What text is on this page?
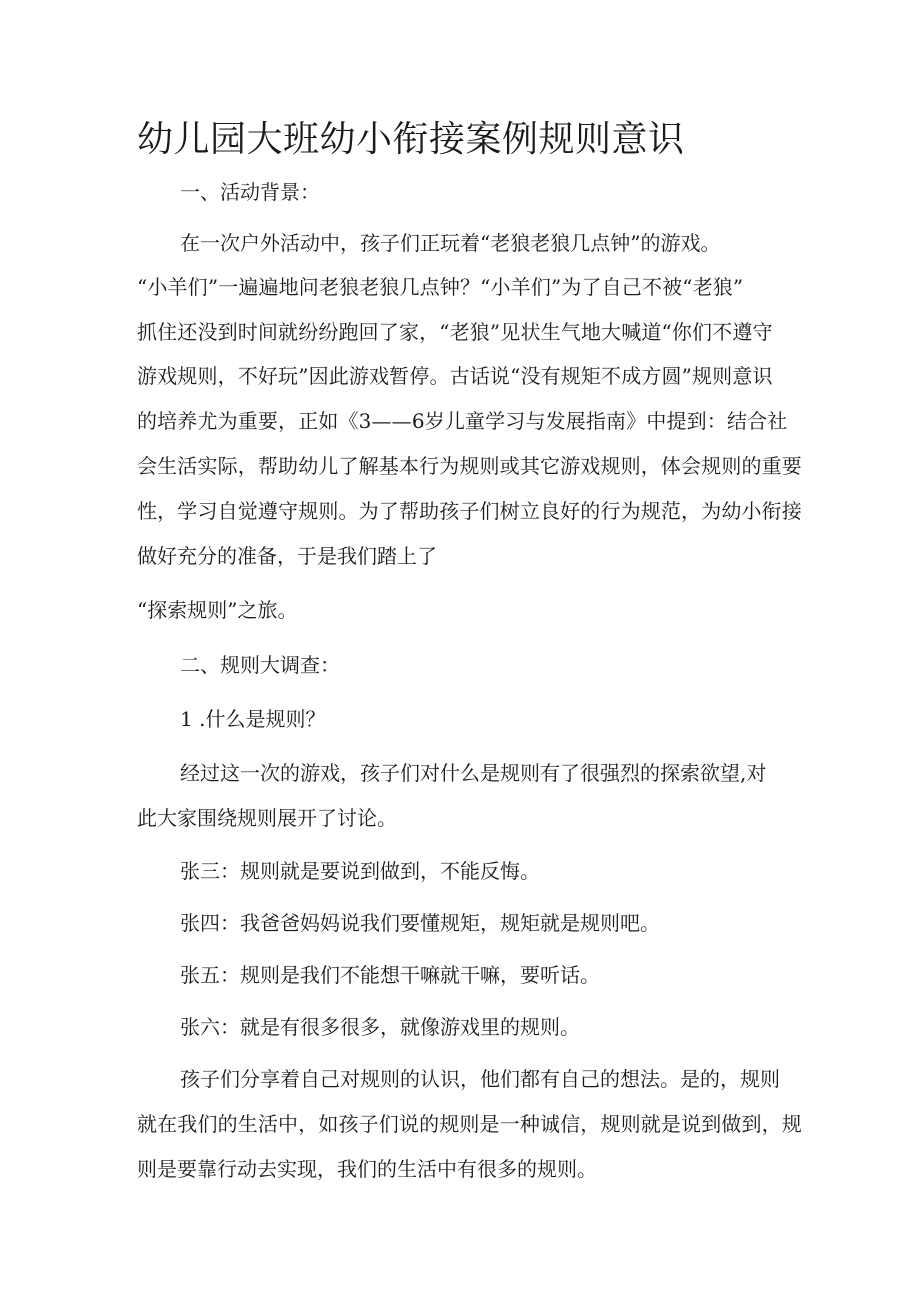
幼儿园大班幼小衔接案例规则意识

一、活动背景：

在一次户外活动中，孩子们正玩着“老狼老狼几点钟”的游戏。

“小羊们”一遍遍地问老狼老狼几点钟？“小羊们”为了自己不被“老狼”

抓住还没到时间就纷纷跑回了家，“老狼”见状生气地大喊道“你们不遵守

游戏规则，不好玩”因此游戏暂停。古话说“没有规矩不成方圆”规则意识

的培养尤为重要，正如《3——6岁儿童学习与发展指南》中提到：结合社

会生活实际，帮助幼儿了解基本行为规则或其它游戏规则，体会规则的重要

性，学习自觉遵守规则。为了帮助孩子们树立良好的行为规范，为幼小衔接

做好充分的准备，于是我们踏上了

“探索规则”之旅。

二、规则大调查：

1 .什么是规则？

经过这一次的游戏，孩子们对什么是规则有了很强烈的探索欲望,对

此大家围绕规则展开了讨论。

张三：规则就是要说到做到，不能反悔。

张四：我爸爸妈妈说我们要懂规矩，规矩就是规则吧。

张五：规则是我们不能想干嘛就干嘛，要听话。

张六：就是有很多很多，就像游戏里的规则。

孩子们分享着自己对规则的认识，他们都有自己的想法。是的，规则

就在我们的生活中，如孩子们说的规则是一种诚信，规则就是说到做到，规

则是要靠行动去实现，我们的生活中有很多的规则。
